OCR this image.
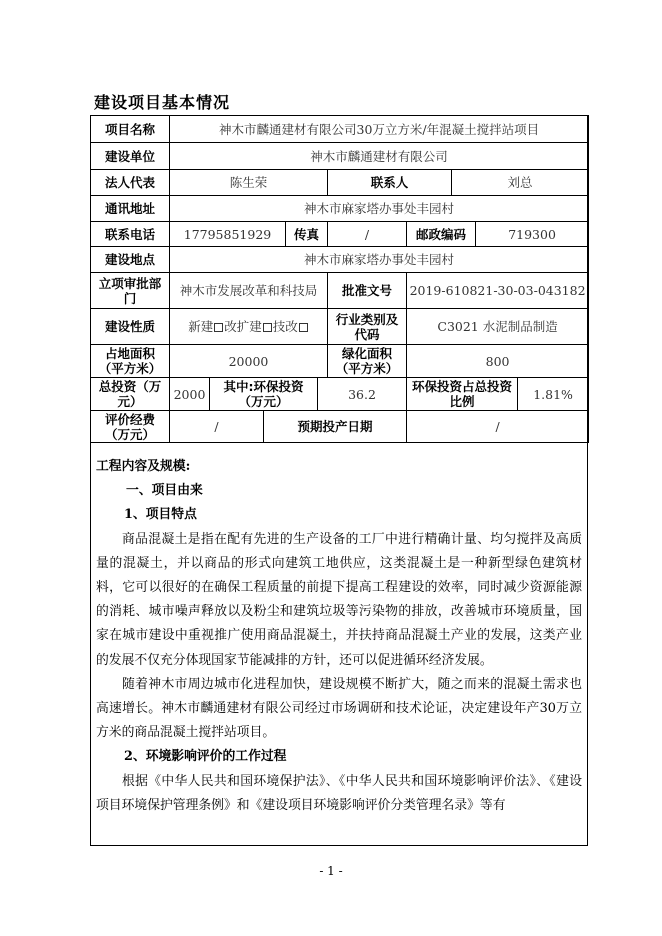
建设项目基本情况
项目名称	神木市麟通建材有限公司30万立方米/年混凝土搅拌站项目									
建设单位	神木市麟通建材有限公司									
法人代表	陈生荣					联系人		刘总		
通讯地址	神木市麻家塔办事处丰园村									
联系电话	17795851929			传真		/	邮政编码		719300	
建设地点	神木市麻家塔办事处丰园村									
立项审批部门	神木市发展改革和科技局					批准文号	2019-610821-30-03-043182			
建设性质	新建 改扩建 技改					行业类别及代码	C3021 水泥制品制造			
占地面积（平方米）	20000					绿化面积（平方米）	800			
总投资（万元）	2000	其中:环保投资（万元）			36.2		环保投资占总投资比例			1.81%
评价经费（万元）	/		预期投产日期				/			

工程内容及规模:

一、项目由来

1、项目特点

商品混凝土是指在配有先进的生产设备的工厂中进行精确计量、均匀搅拌及高质量的混凝土，并以商品的形式向建筑工地供应，这类混凝土是一种新型绿色建筑材料，它可以很好的在确保工程质量的前提下提高工程建设的效率，同时减少资源能源的消耗、城市噪声释放以及粉尘和建筑垃圾等污染物的排放，改善城市环境质量，国家在城市建设中重视推广使用商品混凝土，并扶持商品混凝土产业的发展，这类产业的发展不仅充分体现国家节能减排的方针，还可以促进循环经济发展。

随着神木市周边城市化进程加快，建设规模不断扩大，随之而来的混凝土需求也高速增长。神木市麟通建材有限公司经过市场调研和技术论证，决定建设年产30万立方米的商品混凝土搅拌站项目。

2、环境影响评价的工作过程

根据《中华人民共和国环境保护法》、《中华人民共和国环境影响评价法》、《建设项目环境保护管理条例》和《建设项目环境影响评价分类管理名录》等有

- 1 -
